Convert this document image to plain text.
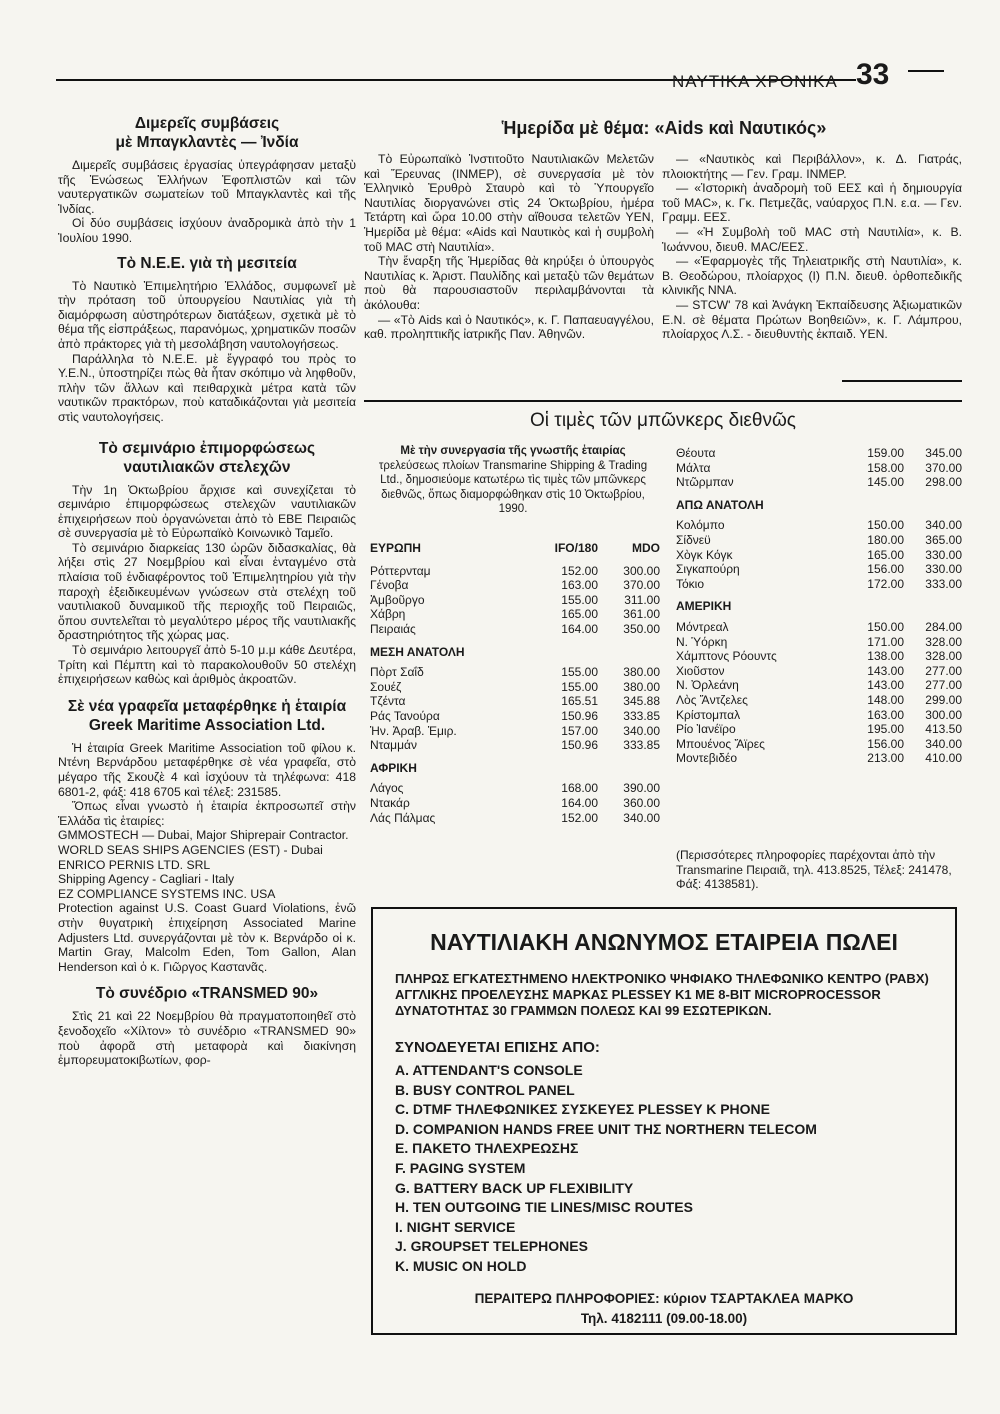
ΝΑΥΤΙΚΑ ΧΡΟΝΙΚΑ 33
Διμερεῖς συμβάσεις
μὲ Μπαγκλαντὲς — Ἰνδία

Διμερεῖς συμβάσεις ἐργασίας ὑπεγράφησαν μεταξὺ τῆς Ἑνώσεως Ἑλλήνων Ἐφοπλιστῶν καὶ τῶν ναυτεργατικῶν σωματείων τοῦ Μπαγκλαντὲς καὶ τῆς Ἰνδίας.

Οἱ δύο συμβάσεις ἰσχύουν ἀναδρομικὰ ἀπὸ τὴν 1 Ἰουλίου 1990.

Τὸ Ν.Ε.Ε. γιὰ τὴ μεσιτεία

Τὸ Ναυτικὸ Ἐπιμελητήριο Ἑλλάδος, συμφωνεῖ μὲ τὴν πρόταση τοῦ ὑπουργείου Ναυτιλίας γιὰ τὴ διαμόρφωση αὐστηρότερων διατάξεων, σχετικὰ μὲ τὸ θέμα τῆς εἰσπράξεως, παρανόμως, χρηματικῶν ποσῶν ἀπὸ πράκτορες γιὰ τὴ μεσολάβηση ναυτολογήσεως.

Παράλληλα τὸ Ν.Ε.Ε. μὲ ἔγγραφό του πρὸς το Υ.Ε.Ν., ὑποστηρίζει πὼς θὰ ἦταν σκόπιμο νὰ ληφθοῦν, πλὴν τῶν ἄλλων καὶ πειθαρχικὰ μέτρα κατὰ τῶν ναυτικῶν πρακτόρων, ποὺ καταδικάζονται γιὰ μεσιτεία στὶς ναυτολογήσεις.

Τὸ σεμινάριο ἐπιμορφώσεως
ναυτιλιακῶν στελεχῶν

Τὴν 1η Ὀκτωβρίου ἄρχισε καὶ συνεχίζεται τὸ σεμινάριο ἐπιμορφώσεως στελεχῶν ναυτιλιακῶν ἐπιχειρήσεων ποὺ ὀργανώνεται ἀπὸ τὸ ΕΒΕ Πειραιῶς σὲ συνεργασία μὲ τὸ Εὐρωπαϊκὸ Κοινωνικὸ Ταμεῖο.

Τὸ σεμινάριο διαρκείας 130 ὡρῶν διδασκαλίας, θὰ λήξει στὶς 27 Νοεμβρίου καὶ εἶναι ἐνταγμένο στὰ πλαίσια τοῦ ἐνδιαφέροντος τοῦ Ἐπιμελητηρίου γιὰ τὴν παροχὴ ἐξειδικευμένων γνώσεων στὰ στελέχη τοῦ ναυτιλιακοῦ δυναμικοῦ τῆς περιοχῆς τοῦ Πειραιῶς, ὅπου συντελεῖται τὸ μεγαλύτερο μέρος τῆς ναυτιλιακῆς δραστηριότητος τῆς χώρας μας.

Τὸ σεμινάριο λειτουργεῖ ἀπὸ 5-10 μ.μ κάθε Δευτέρα, Τρίτη καὶ Πέμπτη καὶ τὸ παρακολουθοῦν 50 στελέχη ἐπιχειρήσεων καθὼς καὶ ἀριθμὸς ἀκροατῶν.

Σὲ νέα γραφεῖα μεταφέρθηκε ἡ ἑταιρία Greek Maritime Association Ltd.

Ἡ ἑταιρία Greek Maritime Association τοῦ φίλου κ. Ντένη Βερνάρδου μεταφέρθηκε σὲ νέα γραφεῖα, στὸ μέγαρο τῆς Σκουζὲ 4 καὶ ἰσχύουν τὰ τηλέφωνα: 418 6801-2, φάξ: 418 6705 καὶ τέλεξ: 231585.

Ὅπως εἶναι γνωστὸ ἡ ἑταιρία ἐκπροσωπεῖ στὴν Ἑλλάδα τὶς ἑταιρίες:

GMMOSTECH — Dubai, Major Shiprepair Contractor.

WORLD SEAS SHIPS AGENCIES (EST) - Dubai

ENRICO PERNIS LTD. SRL

Shipping Agency - Cagliari - Italy

EZ COMPLIANCE SYSTEMS INC. USA

Protection against U.S. Coast Guard Violations, ἐνῶ στὴν θυγατρικὴ ἐπιχείρηση Associated Marine Adjusters Ltd. συνεργάζονται μὲ τὸν κ. Βερνάρδο οἱ κ. Martin Gray, Malcolm Eden, Tom Gallon, Alan Henderson καὶ ὁ κ. Γιῶργος Καστανᾶς.

Τὸ συνέδριο «TRANSMED 90»

Στὶς 21 καὶ 22 Νοεμβρίου θὰ πραγματοποιηθεῖ στὸ ξενοδοχεῖο «Χίλτον» τὸ συνέδριο «TRANSMED 90» ποὺ ἀφορᾶ στὴ μεταφορὰ καὶ διακίνηση ἐμπορευματοκιβωτίων, φορ-

Ἡμερίδα μὲ θέμα: «Aids καὶ Ναυτικός»

Τὸ Εὐρωπαϊκὸ Ἰνστιτοῦτο Ναυτιλιακῶν Μελετῶν καὶ Ἔρευνας (INMEP), σὲ συνεργασία μὲ τὸν Ἑλληνικὸ Ἐρυθρὸ Σταυρὸ καὶ τὸ Ὑπουργεῖο Ναυτιλίας διοργανώνει στὶς 24 Ὀκτωβρίου, ἡμέρα Τετάρτη καὶ ὥρα 10.00 στὴν αἴθουσα τελετῶν ΥΕΝ, Ἡμερίδα μὲ θέμα: «Aids καὶ Ναυτικὸς καὶ ἡ συμβολὴ τοῦ MAC στὴ Ναυτιλία».

Τὴν ἔναρξη τῆς Ἡμερίδας θὰ κηρύξει ὁ ὑπουργὸς Ναυτιλίας κ. Ἀριστ. Παυλίδης καὶ μεταξὺ τῶν θεμάτων ποὺ θὰ παρουσιαστοῦν περιλαμβάνονται τὰ ἀκόλουθα:

— «Τὸ Aids καὶ ὁ Ναυτικός», κ. Γ. Παπαευαγγέλου, καθ. προληπτικῆς ἰατρικῆς Παν. Ἀθηνῶν.

— «Ναυτικὸς καὶ Περιβάλλον», κ. Δ. Γιατράς, πλοιοκτήτης — Γεν. Γραμ. INMEP.

— «Ἱστορικὴ ἀναδρομὴ τοῦ ΕΕΣ καὶ ἡ δημιουργία τοῦ MAC», κ. Γκ. Πετμεζᾶς, ναύαρχος Π.Ν. ε.α. — Γεν. Γραμμ. ΕΕΣ.

— «Ἡ Συμβολὴ τοῦ MAC στὴ Ναυτιλία», κ. Β. Ἰωάννου, διευθ. MAC/ΕΕΣ.

— «Ἐφαρμογὲς τῆς Τηλειατρικῆς στὴ Ναυτιλία», κ. Β. Θεοδώρου, πλοίαρχος (Ι) Π.Ν. διευθ. ὀρθοπεδικῆς κλινικῆς ΝΝΑ.

— STCW' 78 καὶ Ἀνάγκη Ἐκπαίδευσης Ἀξιωματικῶν Ε.Ν. σὲ θέματα Πρώτων Βοηθειῶν», κ. Γ. Λάμπρου, πλοίαρχος Λ.Σ. - διευθυντὴς ἐκπαιδ. ΥΕΝ.

Οἱ τιμὲς τῶν μπῶνκερς διεθνῶς
Μὲ τὴν συνεργασία τῆς γνωστῆς ἑταιρίας τρελεύσεως πλοίων Transmarine Shipping & Trading Ltd., δημοσιεύομε κατωτέρω τὶς τιμὲς τῶν μπῶνκερς διεθνῶς, ὅπως διαμορφώθηκαν στὶς 10 Ὀκτωβρίου, 1990.
ΕΥΡΩΠΗ	IFO/180	MDO
Ρόττερνταμ	152.00	300.00
Γένοβα	163.00	370.00
Ἀμβοῦργο	155.00	311.00
Χάβρη	165.00	361.00
Πειραιάς	164.00	350.00
ΜΕΣΗ ΑΝΑΤΟΛΗ		
Πὸρτ Σαΐδ	155.00	380.00
Σουέζ	155.00	380.00
Τζέντα	165.51	345.88
Ράς Τανούρα	150.96	333.85
Ἡν. Ἀραβ. Ἐμιρ.	157.00	340.00
Νταμμάν	150.96	333.85
ΑΦΡΙΚΗ		
Λάγος	168.00	390.00
Ντακάρ	164.00	360.00
Λάς Πάλμας	152.00	340.00
Θέουτα	159.00	345.00
Μάλτα	158.00	370.00
Ντῶρμπαν	145.00	298.00
ΑΠΩ ΑΝΑΤΟΛΗ		
Κολόμπο	150.00	340.00
Σίδνεϋ	180.00	365.00
Χὸγκ Κόγκ	165.00	330.00
Σιγκαπούρη	156.00	330.00
Τόκιο	172.00	333.00
ΑΜΕΡΙΚΗ		
Μόντρεαλ	150.00	284.00
Ν. Ὑόρκη	171.00	328.00
Χάμπτονς Ρόουντς	138.00	328.00
Χιοῦστον	143.00	277.00
Ν. Ὀρλεάνη	143.00	277.00
Λὸς Ἄντζελες	148.00	299.00
Κρίστομπαλ	163.00	300.00
Ρίο Ἰανέϊρο	195.00	413.50
Μπουένος Ἄϊρες	156.00	340.00
Μοντεβιδέο	213.00	410.00
(Περισσότερες πληροφορίες παρέχονται ἀπὸ τὴν Transmarine Πειραιᾶ, τηλ. 413.8525, Τέλεξ: 241478, Φάξ: 4138581).
ΝΑΥΤΙΛΙΑΚΗ ΑΝΩΝΥΜΟΣ ΕΤΑΙΡΕΙΑ ΠΩΛΕΙ
ΠΛΗΡΩΣ ΕΓΚΑΤΕΣΤΗΜΕΝΟ ΗΛΕΚΤΡΟΝΙΚΟ ΨΗΦΙΑΚΟ ΤΗΛΕΦΩΝΙΚΟ ΚΕΝΤΡΟ (PABX) ΑΓΓΛΙΚΗΣ ΠΡΟΕΛΕΥΣΗΣ ΜΑΡΚΑΣ PLESSEY K1 ΜΕ 8-BIT MICROPROCESSOR ΔΥΝΑΤΟΤΗΤΑΣ 30 ΓΡΑΜΜΩΝ ΠΟΛΕΩΣ ΚΑΙ 99 ΕΣΩΤΕΡΙΚΩΝ.
ΣΥΝΟΔΕΥΕΤΑΙ ΕΠΙΣΗΣ ΑΠΟ:
A. ATTENDANT'S CONSOLE
B. BUSY CONTROL PANEL
C. DTMF ΤΗΛΕΦΩΝΙΚΕΣ ΣΥΣΚΕΥΕΣ PLESSEY K PHONE
D. COMPANION HANDS FREE UNIT ΤΗΣ NORTHERN TELECOM
E. ΠΑΚΕΤΟ ΤΗΛΕΧΡΕΩΣΗΣ
F. PAGING SYSTEM
G. BATTERY BACK UP FLEXIBILITY
H. TEN OUTGOING TIE LINES/MISC ROUTES
I. NIGHT SERVICE
J. GROUPSET TELEPHONES
K. MUSIC ON HOLD
ΠΕΡΑΙΤΕΡΩ ΠΛΗΡΟΦΟΡΙΕΣ: κύριον ΤΣΑΡΤΑΚΛΕΑ ΜΑΡΚΟ
Τηλ. 4182111 (09.00-18.00)
